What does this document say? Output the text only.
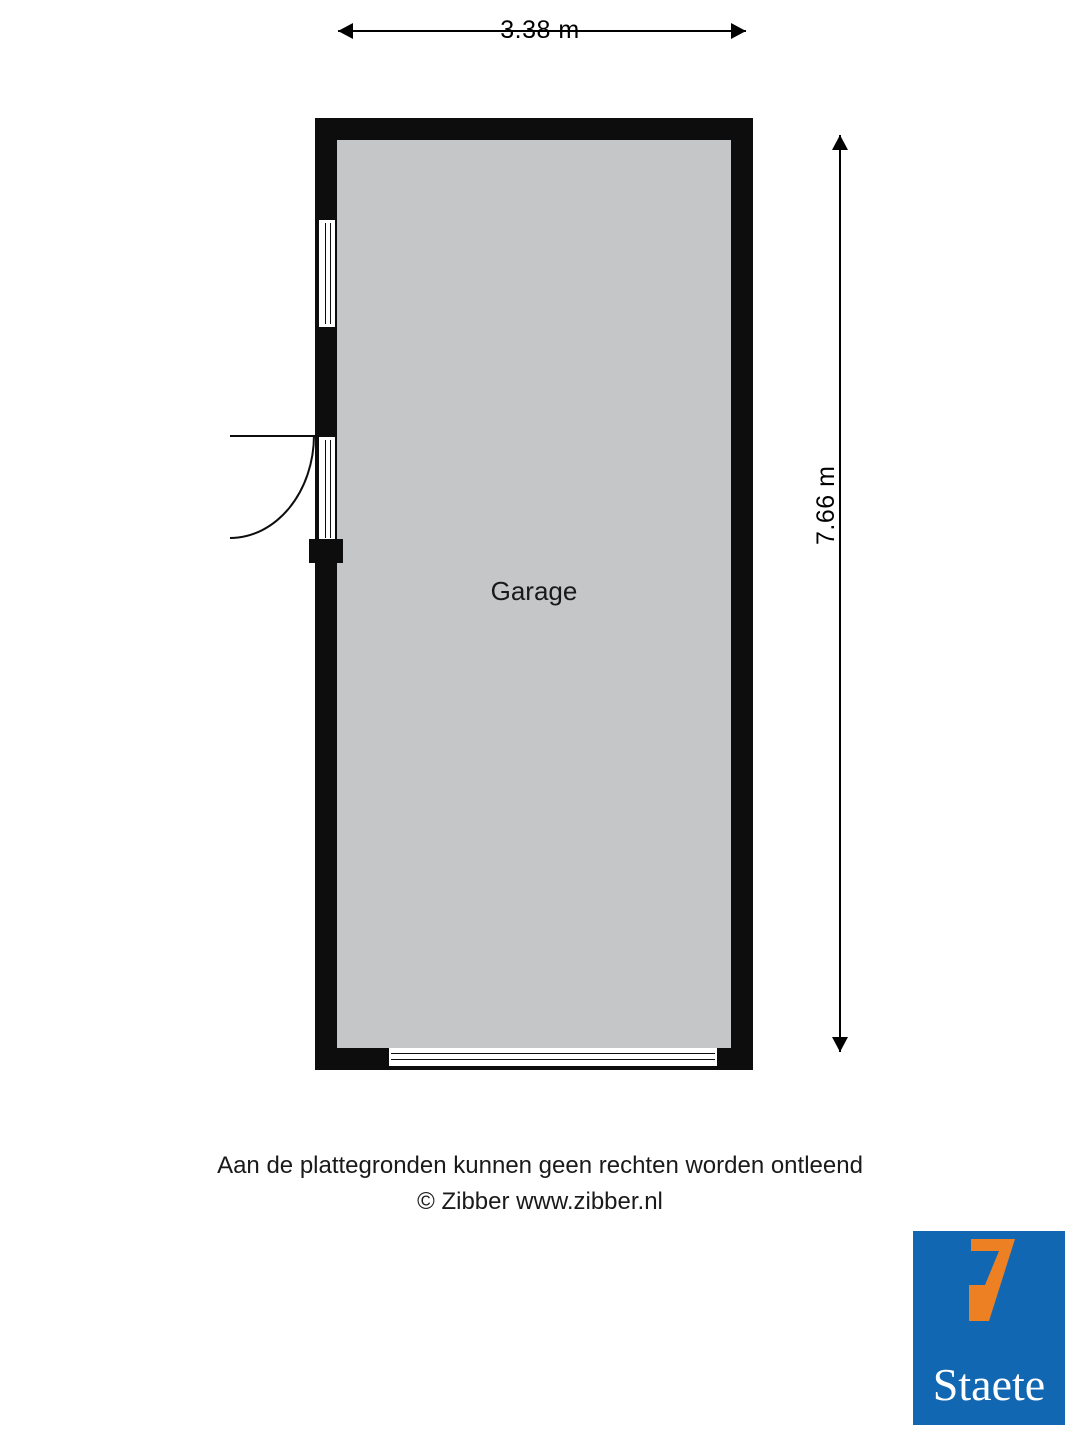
3.38 m
7.66 m
Garage
Aan de plattegronden kunnen geen rechten worden ontleend
© Zibber www.zibber.nl
Staete
